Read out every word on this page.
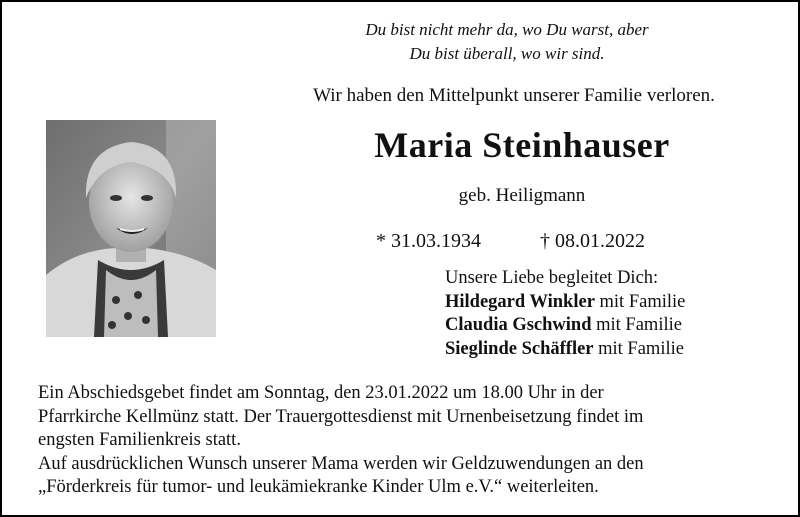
Du bist nicht mehr da, wo Du warst, aber
Du bist überall, wo wir sind.
Wir haben den Mittelpunkt unserer Familie verloren.
Maria Steinhauser
geb. Heiligmann
* 31.03.1934	† 08.01.2022
Unsere Liebe begleitet Dich:
Hildegard Winkler mit Familie
Claudia Gschwind mit Familie
Sieglinde Schäffler mit Familie
Ein Abschiedsgebet findet am Sonntag, den 23.01.2022 um 18.00 Uhr in der
Pfarrkirche Kellmünz statt. Der Trauergottesdienst mit Urnenbeisetzung findet im
engsten Familienkreis statt.
Auf ausdrücklichen Wunsch unserer Mama werden wir Geldzuwendungen an den
„Förderkreis für tumor- und leukämiekranke Kinder Ulm e.V.“ weiterleiten.
